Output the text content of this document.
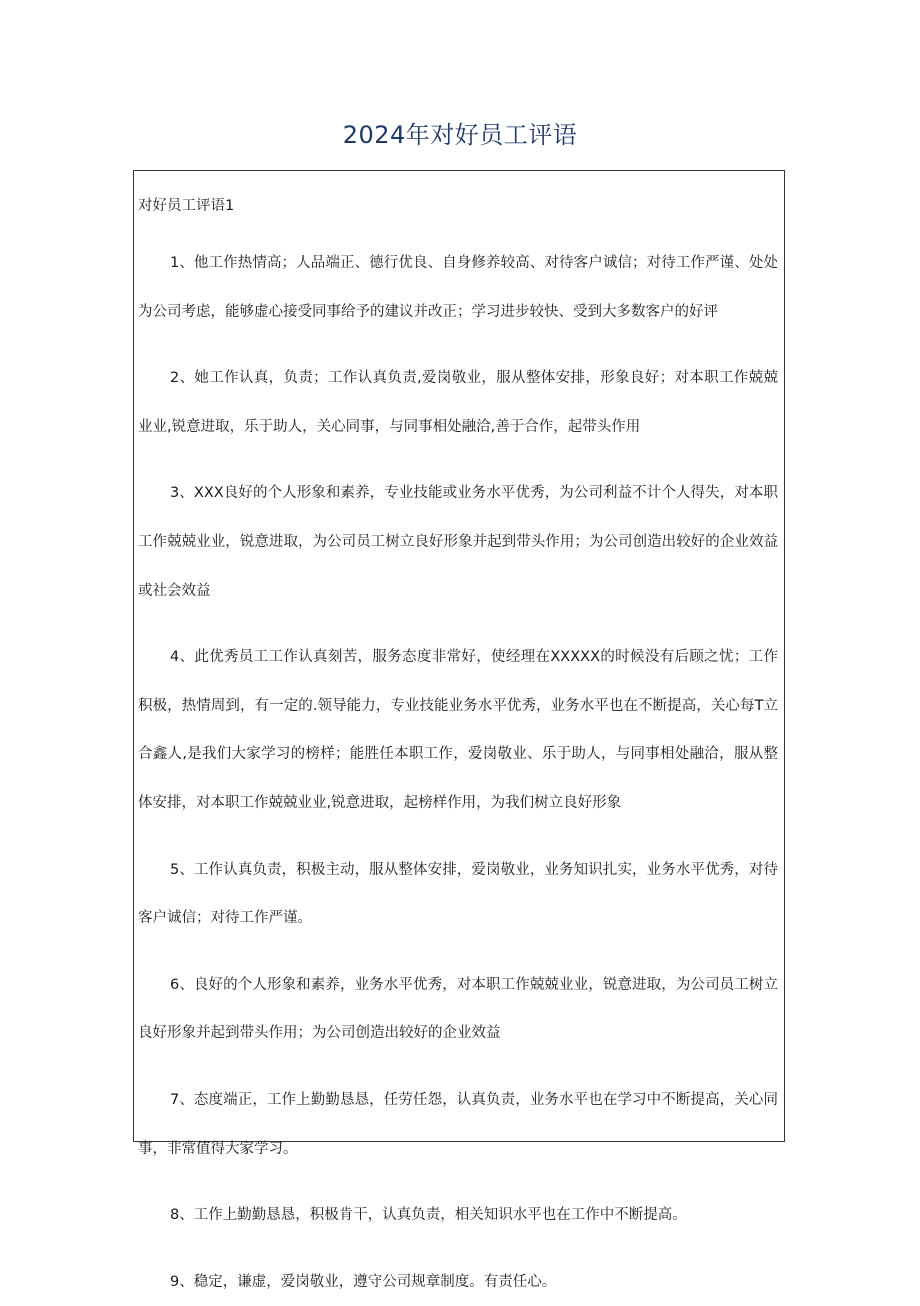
2024年对好员工评语
对好员工评语1

1、他工作热情高；人品端正、德行优良、自身修养较高、对待客户诚信；对待工作严谨、处处为公司考虑，能够虚心接受同事给予的建议并改正；学习进步较快、受到大多数客户的好评

2、她工作认真，负责；工作认真负责,爱岗敬业，服从整体安排，形象良好；对本职工作兢兢业业,锐意进取，乐于助人，关心同事，与同事相处融洽,善于合作，起带头作用

3、XXX良好的个人形象和素养，专业技能或业务水平优秀，为公司利益不计个人得失，对本职工作兢兢业业，锐意进取，为公司员工树立良好形象并起到带头作用；为公司创造出较好的企业效益或社会效益

4、此优秀员工工作认真刻苦，服务态度非常好，使经理在XXXXX的时候没有后顾之忧；工作积极，热情周到，有一定的.领导能力，专业技能业务水平优秀，业务水平也在不断提高，关心每T立合鑫人,是我们大家学习的榜样；能胜任本职工作，爱岗敬业、乐于助人，与同事相处融洽，服从整体安排，对本职工作兢兢业业,锐意进取，起榜样作用，为我们树立良好形象

5、工作认真负责，积极主动，服从整体安排，爱岗敬业，业务知识扎实，业务水平优秀，对待客户诚信；对待工作严谨。

6、良好的个人形象和素养，业务水平优秀，对本职工作兢兢业业，锐意进取，为公司员工树立良好形象并起到带头作用；为公司创造出较好的企业效益

7、态度端正，工作上勤勤恳恳，任劳任怨，认真负责，业务水平也在学习中不断提高，关心同事，非常值得大家学习。

8、工作上勤勤恳恳，积极肯干，认真负责，相关知识水平也在工作中不断提高。

9、稳定，谦虚，爱岗敬业，遵守公司规章制度。有责任心。
